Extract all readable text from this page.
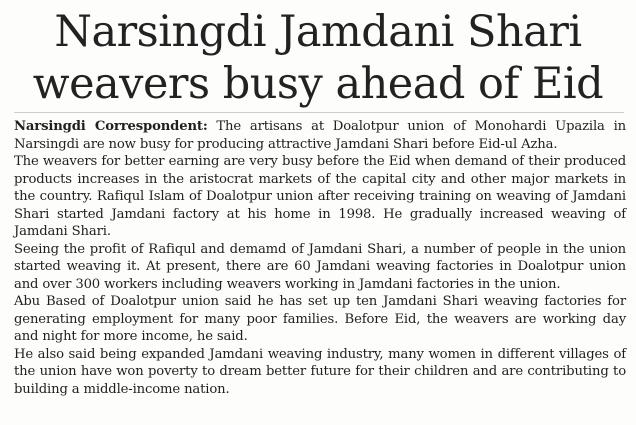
Narsingdi Jamdani Shari
weavers busy ahead of Eid

Narsingdi Correspondent: The artisans at Doalotpur union of Monohardi Upazila in Narsingdi are now busy for producing attractive Jamdani Shari before Eid-ul Azha.

The weavers for better earning are very busy before the Eid when demand of their produced products increases in the aristocrat markets of the capital city and other major markets in the country. Rafiqul Islam of Doalotpur union after receiving training on weaving of Jamdani Shari started Jamdani factory at his home in 1998. He gradually increased weaving of Jamdani Shari.

Seeing the profit of Rafiqul and demamd of Jamdani Shari, a number of people in the union started weaving it. At present, there are 60 Jamdani weaving factories in Doalotpur union and over 300 workers including weavers working in Jamdani factories in the union.

Abu Based of Doalotpur union said he has set up ten Jamdani Shari weaving factories for generating employment for many poor families. Before Eid, the weavers are working day and night for more income, he said.

He also said being expanded Jamdani weaving industry, many women in different villages of the union have won poverty to dream better future for their children and are contributing to building a middle-income nation.
